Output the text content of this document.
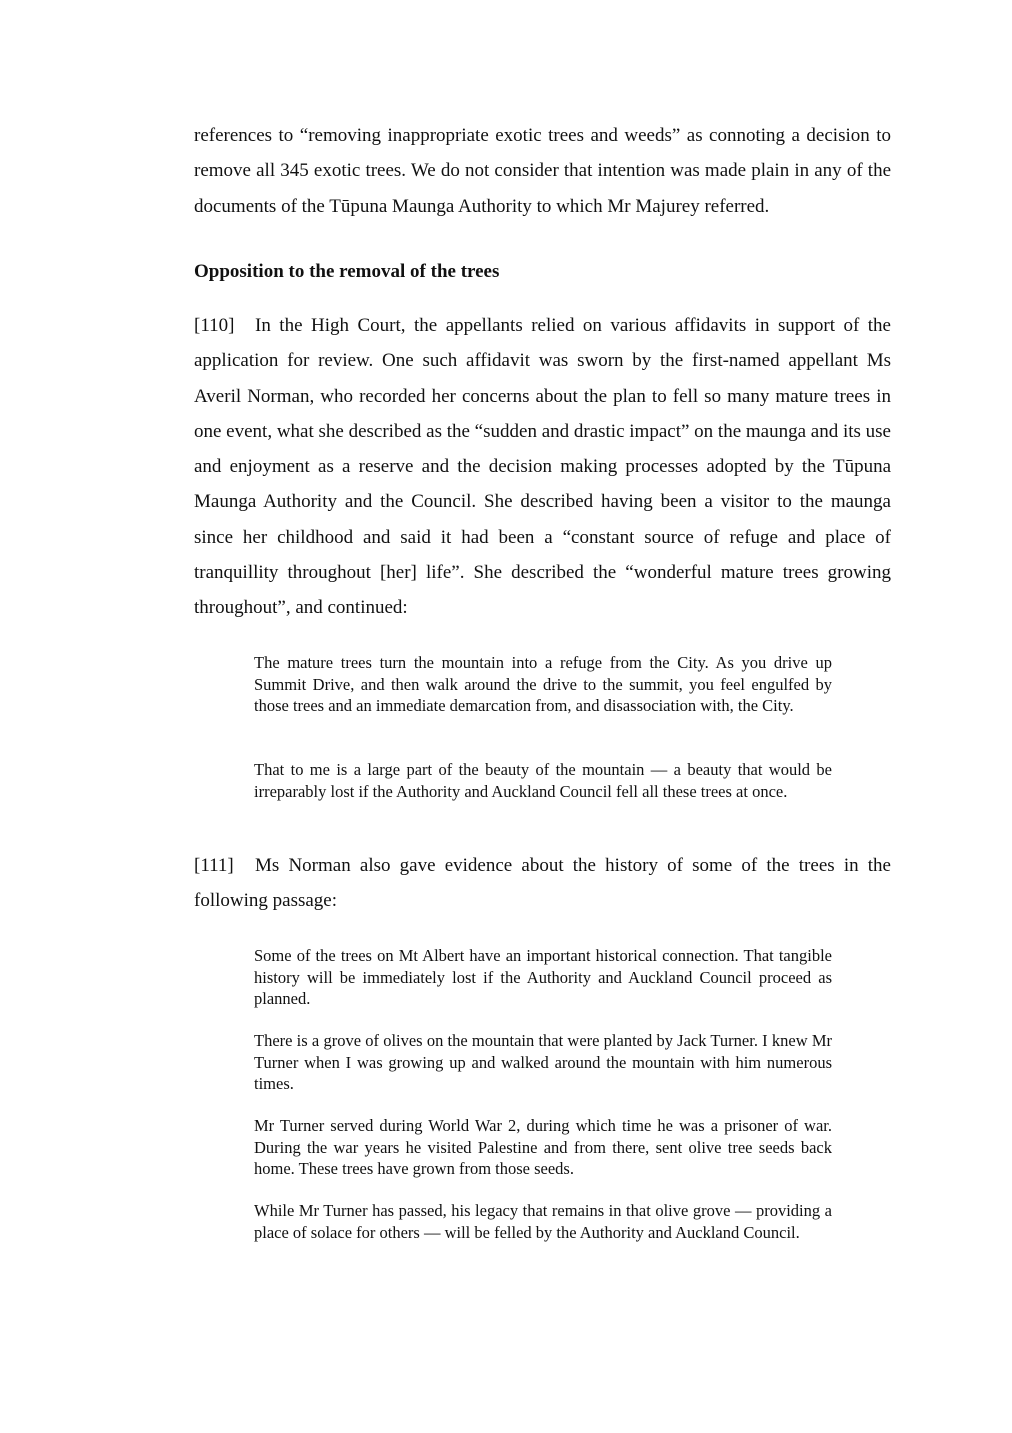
references to “removing inappropriate exotic trees and weeds” as connoting a decision to remove all 345 exotic trees. We do not consider that intention was made plain in any of the documents of the Tūpuna Maunga Authority to which Mr Majurey referred.

Opposition to the removal of the trees

[110] In the High Court, the appellants relied on various affidavits in support of the application for review. One such affidavit was sworn by the first-named appellant Ms Averil Norman, who recorded her concerns about the plan to fell so many mature trees in one event, what she described as the “sudden and drastic impact” on the maunga and its use and enjoyment as a reserve and the decision making processes adopted by the Tūpuna Maunga Authority and the Council. She described having been a visitor to the maunga since her childhood and said it had been a “constant source of refuge and place of tranquillity throughout [her] life”. She described the “wonderful mature trees growing throughout”, and continued:

The mature trees turn the mountain into a refuge from the City. As you drive up Summit Drive, and then walk around the drive to the summit, you feel engulfed by those trees and an immediate demarcation from, and disassociation with, the City.

That to me is a large part of the beauty of the mountain — a beauty that would be irreparably lost if the Authority and Auckland Council fell all these trees at once.

[111] Ms Norman also gave evidence about the history of some of the trees in the following passage:

Some of the trees on Mt Albert have an important historical connection. That tangible history will be immediately lost if the Authority and Auckland Council proceed as planned.

There is a grove of olives on the mountain that were planted by Jack Turner. I knew Mr Turner when I was growing up and walked around the mountain with him numerous times.

Mr Turner served during World War 2, during which time he was a prisoner of war. During the war years he visited Palestine and from there, sent olive tree seeds back home. These trees have grown from those seeds.

While Mr Turner has passed, his legacy that remains in that olive grove — providing a place of solace for others — will be felled by the Authority and Auckland Council.
